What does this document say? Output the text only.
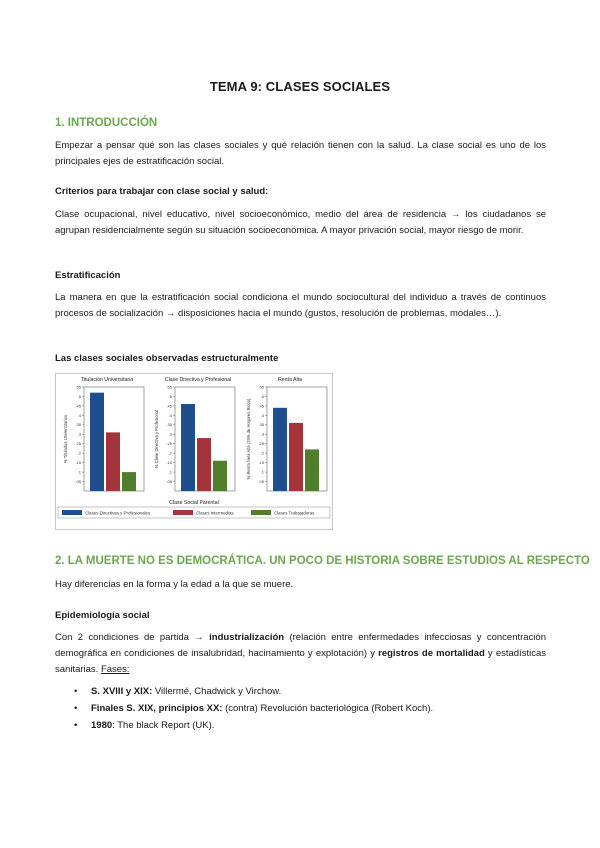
TEMA 9: CLASES SOCIALES
1. INTRODUCCIÓN
Empezar a pensar qué son las clases sociales y qué relación tienen con la salud. La clase social es uno de los principales ejes de estratificación social.
Criterios para trabajar con clase social y salud:
Clase ocupacional, nivel educativo, nivel socioeconómico, medio del área de residencia → los ciudadanos se agrupan residencialmente según su situación socioeconómica. A mayor privación social, mayor riesgo de morir.
Estratificación
La manera en que la estratificación social condiciona el mundo sociocultural del individuo a través de continuos procesos de socialización → disposiciones hacia el mundo (gustos, resolución de problemas, modales…).
Las clases sociales observadas estructuralmente
Titulación Universitaria
% Titulados Universitarios
.05
.1
.15
.2
.25
.3
.35
.4
.45
.5
.55
Clase Directiva y Profesional
% Clase Directiva y Profesional
.05
.1
.15
.2
.25
.3
.35
.4
.45
.5
.55
Renta Alta
% Renta Nela Alta (25% de Hogares Ricos)
.05
.1
.15
.2
.25
.3
.35
.4
.45
.5
.55
Clase Social Parental
Clases Directivas y Profesionales	Clases Intermedias	Clases Trabajadoras
2. LA MUERTE NO ES DEMOCRÁTICA. UN POCO DE HISTORIA SOBRE ESTUDIOS AL RESPECTO
Hay diferencias en la forma y la edad a la que se muere.
Epidemiología social
Con 2 condiciones de partida → industrialización (relación entre enfermedades infecciosas y concentración demográfica en condiciones de insalubridad, hacinamiento y explotación) y registros de mortalidad y estadísticas sanitarias. Fases:
• S. XVIII y XIX: Villermé, Chadwick y Virchow.
• Finales S. XIX, principios XX: (contra) Revolución bacteriológica (Robert Koch).
• 1980: The black Report (UK).
